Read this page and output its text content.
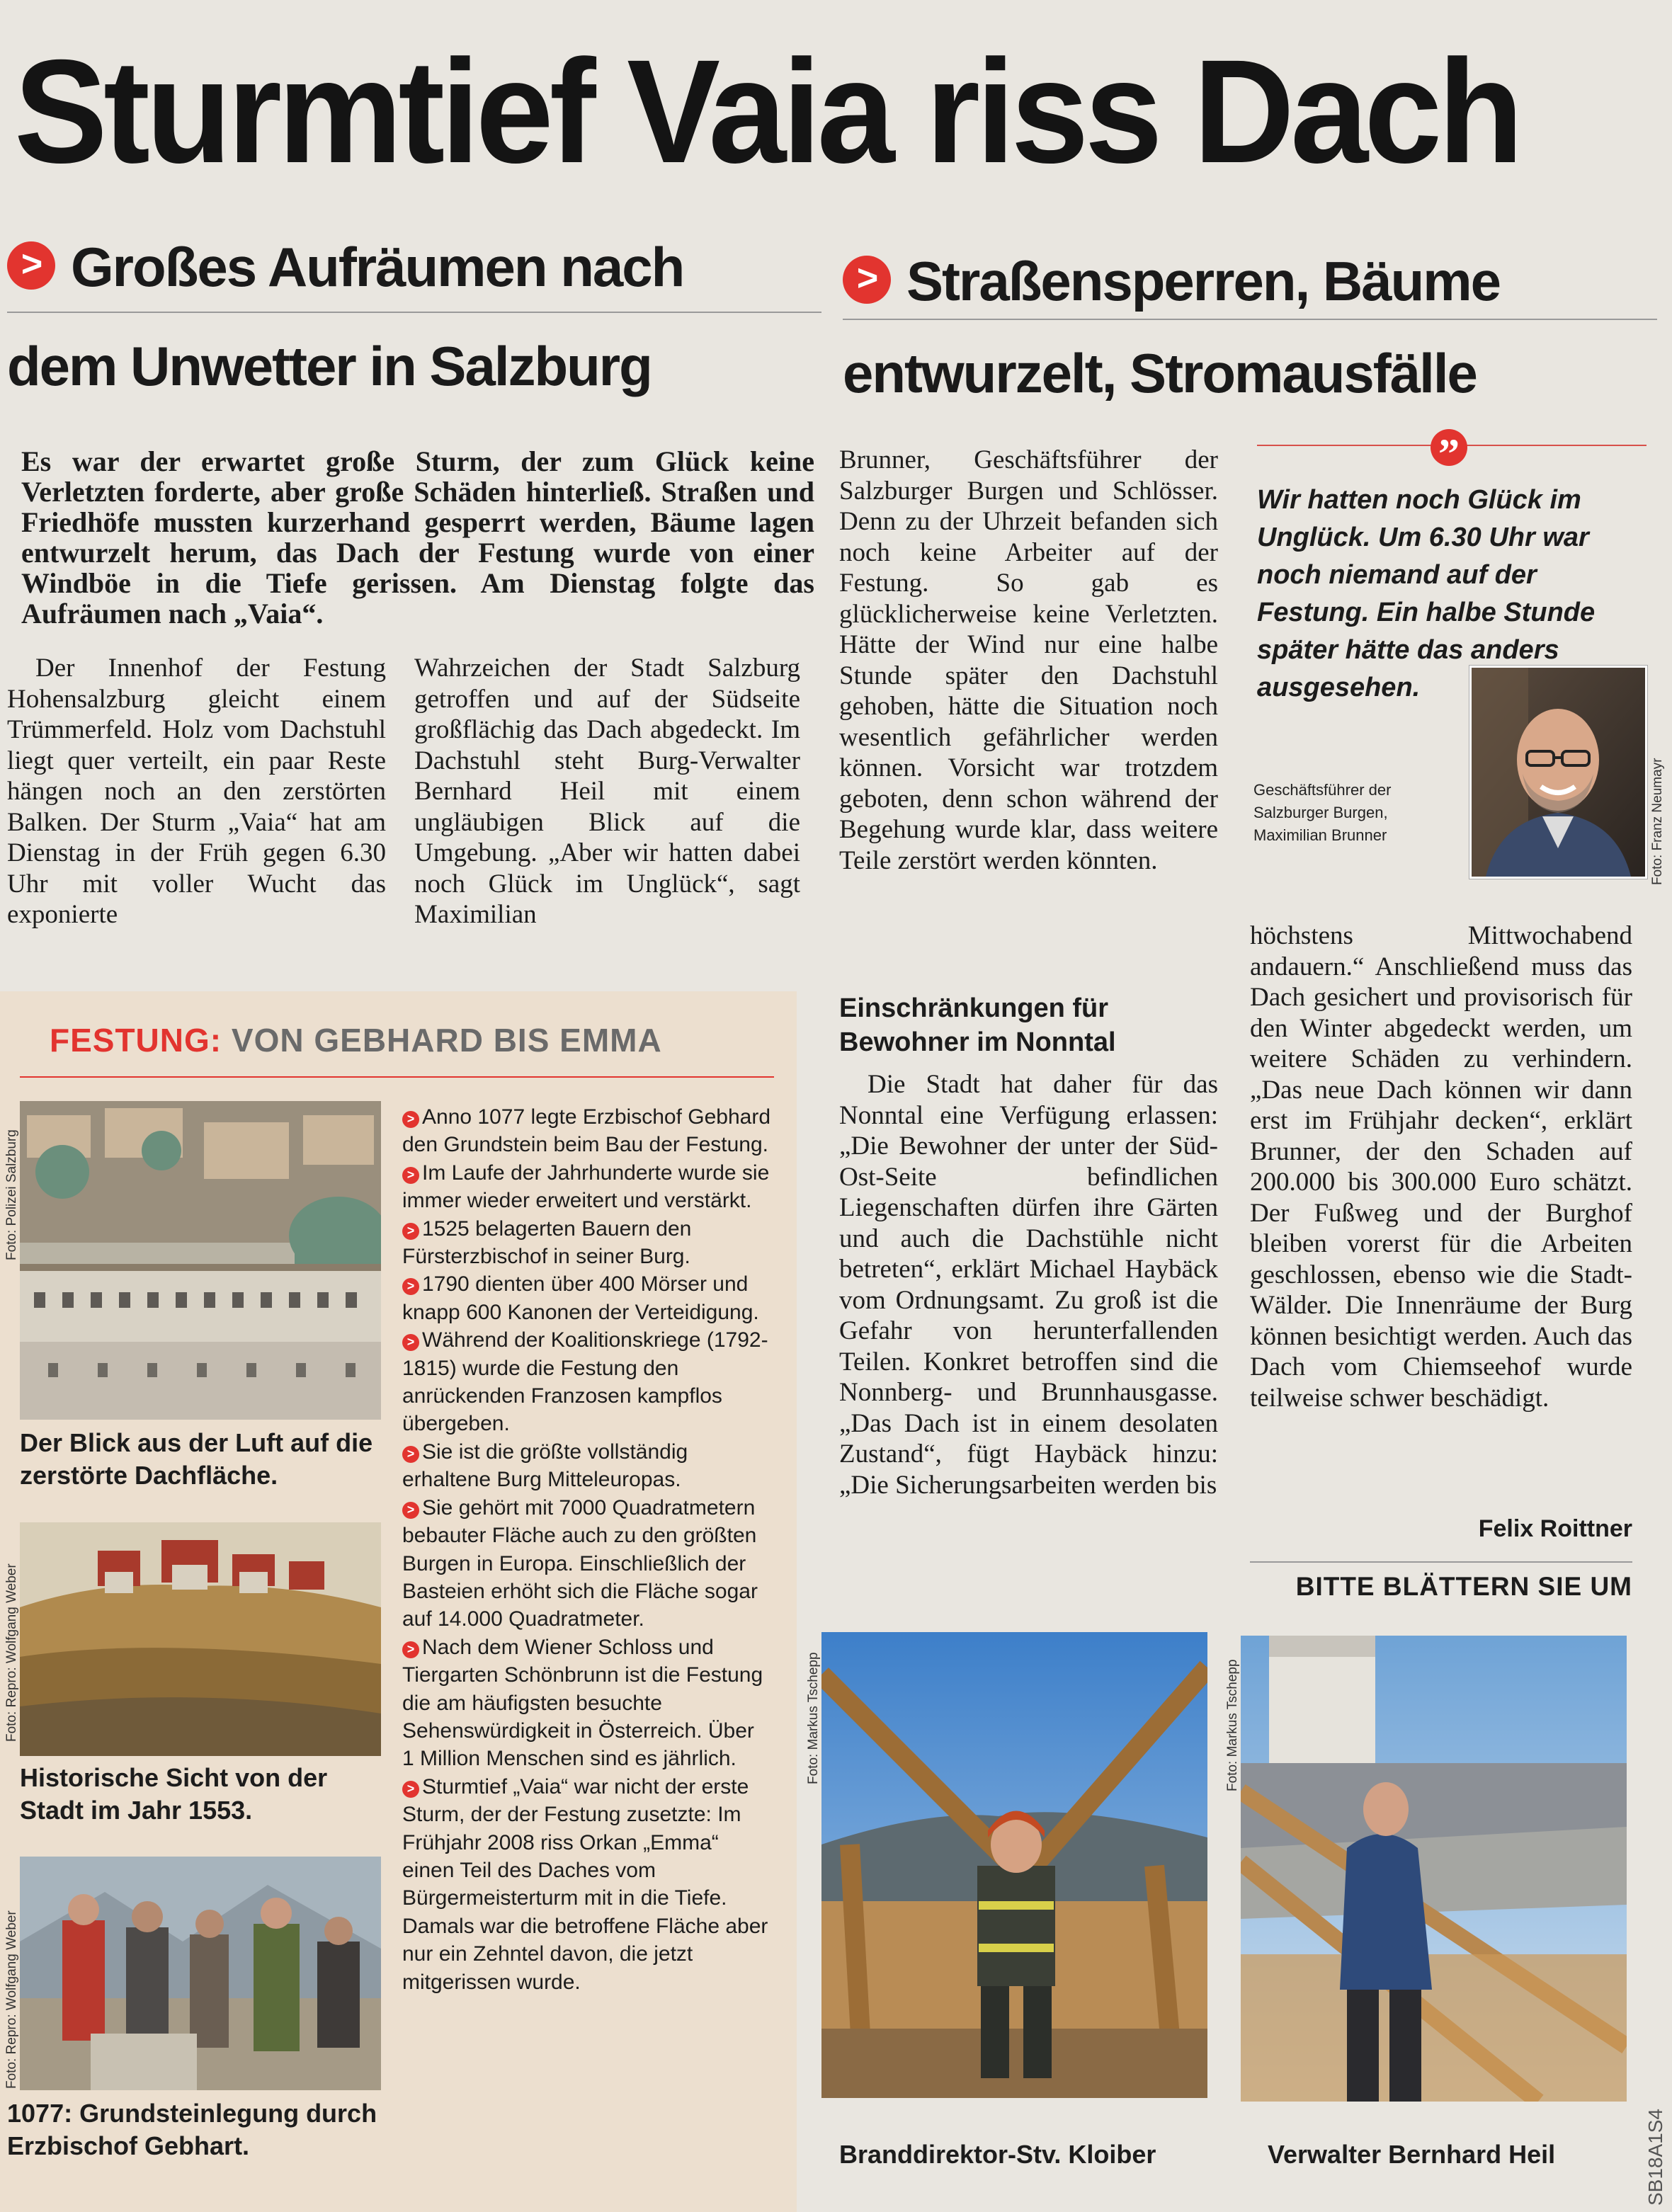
Sturmtief Vaia riss Dach
> Großes Aufräumen nach
dem Unwetter in Salzburg
> Straßensperren, Bäume
entwurzelt, Stromausfälle
Es war der erwartet große Sturm, der zum Glück keine Verletzten forderte, aber große Schäden hinterließ. Straßen und Friedhöfe mussten kurzerhand gesperrt werden, Bäume lagen entwurzelt herum, das Dach der Festung wurde von einer Windböe in die Tiefe gerissen. Am Dienstag folgte das Aufräumen nach „Vaia“.

Der Innenhof der Festung Hohensalzburg gleicht einem Trümmerfeld. Holz vom Dachstuhl liegt quer verteilt, ein paar Reste hängen noch an den zerstörten Balken. Der Sturm „Vaia“ hat am Dienstag in der Früh gegen 6.30 Uhr mit voller Wucht das exponierte

Wahrzeichen der Stadt Salzburg getroffen und auf der Südseite großflächig das Dach abgedeckt. Im Dachstuhl steht Burg-Verwalter Bernhard Heil mit einem ungläubigen Blick auf die Umgebung. „Aber wir hatten dabei noch Glück im Unglück“, sagt Maximilian

Brunner, Geschäftsführer der Salzburger Burgen und Schlösser. Denn zu der Uhrzeit befanden sich noch keine Arbeiter auf der Festung. So gab es glücklicherweise keine Verletzten. Hätte der Wind nur eine halbe Stunde später den Dachstuhl gehoben, hätte die Situation noch wesentlich gefährlicher werden können. Vorsicht war trotzdem geboten, denn schon während der Begehung wurde klar, dass weitere Teile zerstört werden könnten.

Einschränkungen für Bewohner im Nonntal

Die Stadt hat daher für das Nonntal eine Verfügung erlassen: „Die Bewohner der unter der Süd-Ost-Seite befindlichen Liegenschaften dürfen ihre Gärten und auch die Dachstühle nicht betreten“, erklärt Michael Haybäck vom Ordnungsamt. Zu groß ist die Gefahr von herunterfallenden Teilen. Konkret betroffen sind die Nonnberg- und Brunnhausgasse. „Das Dach ist in einem desolaten Zustand“, fügt Haybäck hinzu: „Die Sicherungsarbeiten werden bis

höchstens Mittwochabend andauern.“ Anschließend muss das Dach gesichert und provisorisch für den Winter abgedeckt werden, um weitere Schäden zu verhindern. „Das neue Dach können wir dann erst im Frühjahr decken“, erklärt Brunner, der den Schaden auf 200.000 bis 300.000 Euro schätzt. Der Fußweg und der Burghof bleiben vorerst für die Arbeiten geschlossen, ebenso wie die Stadt-Wälder. Die Innenräume der Burg können besichtigt werden. Auch das Dach vom Chiemseehof wurde teilweise schwer beschädigt.

Felix Roittner
BITTE BLÄTTERN SIE UM
”
Wir hatten noch Glück im Unglück. Um 6.30 Uhr war noch niemand auf der Festung. Ein halbe Stunde später hätte das anders ausgesehen.
Geschäftsführer der
Salzburger Burgen,
Maximilian Brunner	Foto: Franz Neumayr
FESTUNG: VON GEBHARD BIS EMMA
Foto: Polizei Salzburg
Der Blick aus der Luft auf die zerstörte Dachfläche.
Foto: Repro: Wolfgang Weber
Historische Sicht von der Stadt im Jahr 1553.
Foto: Repro: Wolfgang Weber
1077: Grundsteinlegung durch Erzbischof Gebhart.
> Anno 1077 legte Erzbischof Gebhard den Grundstein beim Bau der Festung.
> Im Laufe der Jahrhunderte wurde sie immer wieder erweitert und verstärkt.
> 1525 belagerten Bauern den Fürsterzbischof in seiner Burg.
> 1790 dienten über 400 Mörser und knapp 600 Kanonen der Verteidigung.
> Während der Koalitionskriege (1792-1815) wurde die Festung den anrückenden Franzosen kampflos übergeben.
> Sie ist die größte vollständig erhaltene Burg Mitteleuropas.
> Sie gehört mit 7000 Quadratmetern bebauter Fläche auch zu den größten Burgen in Europa. Einschließlich der Basteien erhöht sich die Fläche sogar auf 14.000 Quadratmeter.
> Nach dem Wiener Schloss und Tiergarten Schönbrunn ist die Festung die am häufigsten besuchte Sehenswürdigkeit in Österreich. Über 1 Million Menschen sind es jährlich.
> Sturmtief „Vaia“ war nicht der erste Sturm, der der Festung zusetzte: Im Frühjahr 2008 riss Orkan „Emma“ einen Teil des Daches vom Bürgermeisterturm mit in die Tiefe. Damals war die betroffene Fläche aber nur ein Zehntel davon, die jetzt mitgerissen wurde.
Foto: Markus Tschepp
Branddirektor-Stv. Kloiber
Foto: Markus Tschepp
Verwalter Bernhard Heil	SB18A1S4
